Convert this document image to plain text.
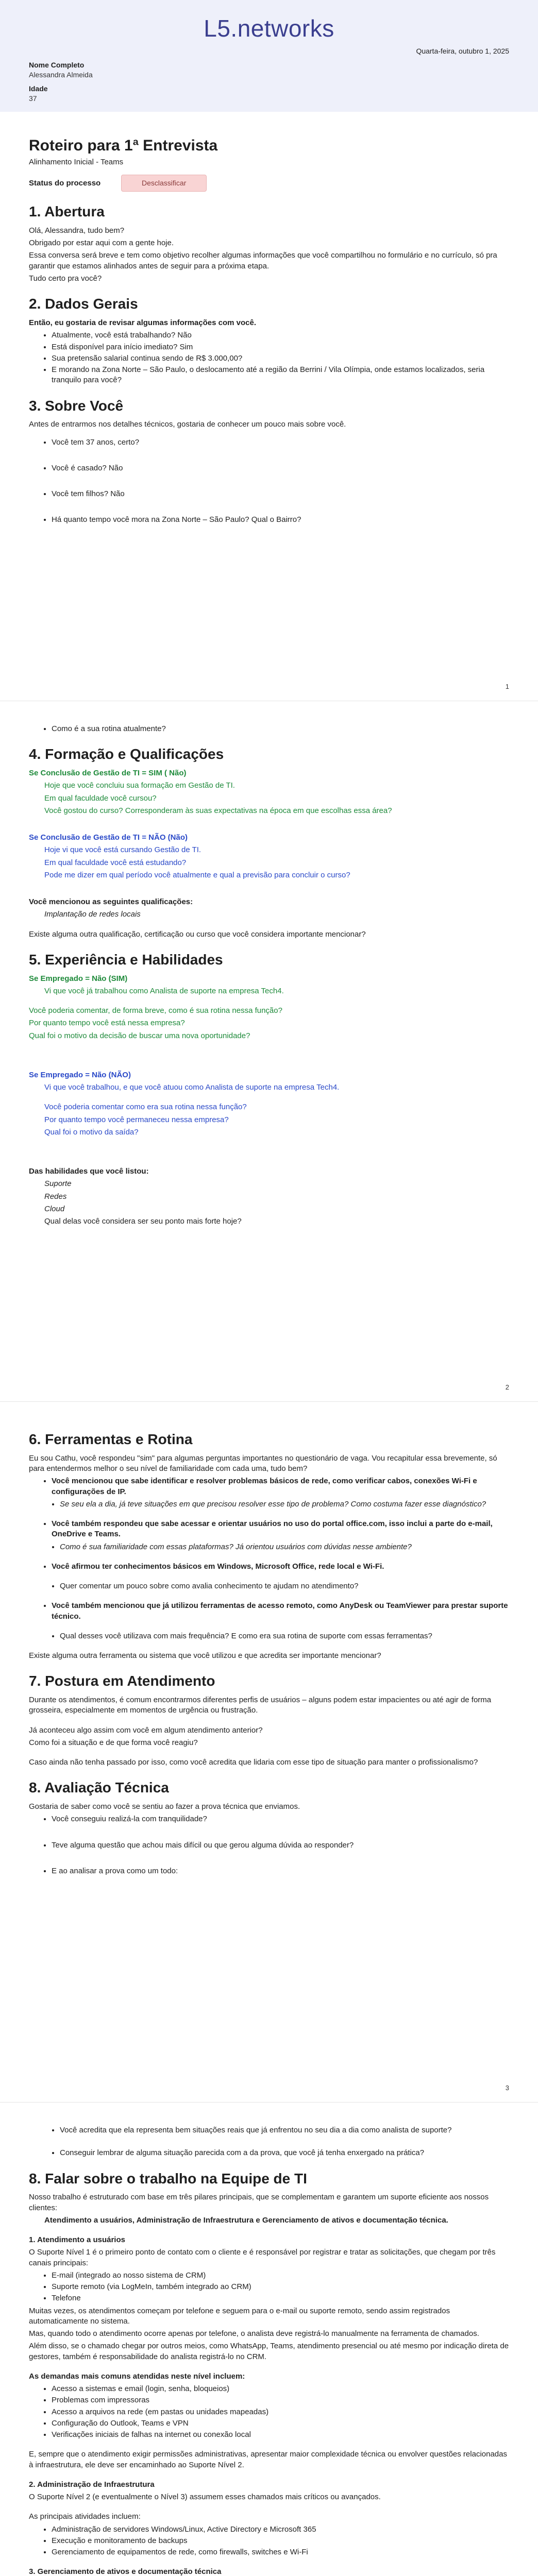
L5.networks
Quarta-feira, outubro 1, 2025
Nome Completo
Alessandra Almeida
Idade
37
Roteiro para 1ª Entrevista
Alinhamento Inicial - Teams
Status do processo	Desclassificar
1. Abertura

Olá, Alessandra, tudo bem?

Obrigado por estar aqui com a gente hoje.

Essa conversa será breve e tem como objetivo recolher algumas informações que você compartilhou no formulário e no currículo, só pra garantir que estamos alinhados antes de seguir para a próxima etapa.

Tudo certo pra você?

2. Dados Gerais

Então, eu gostaria de revisar algumas informações com você.

• Atualmente, você está trabalhando? Não
• Está disponível para início imediato? Sim
• Sua pretensão salarial continua sendo de R$ 3.000,00?
• E morando na Zona Norte – São Paulo, o deslocamento até a região da Berrini / Vila Olímpia, onde estamos localizados, seria tranquilo para você?
3. Sobre Você

Antes de entrarmos nos detalhes técnicos, gostaria de conhecer um pouco mais sobre você.

• Você tem 37 anos, certo?
• Você é casado? Não
• Você tem filhos? Não
• Há quanto tempo você mora na Zona Norte – São Paulo? Qual o Bairro?
1
• Como é a sua rotina atualmente?
4. Formação e Qualificações

Se Conclusão de Gestão de TI = SIM ( Não)

Hoje que você concluiu sua formação em Gestão de TI.

Em qual faculdade você cursou?

Você gostou do curso? Corresponderam às suas expectativas na época em que escolhas essa área?

Se Conclusão de Gestão de TI = NÃO (Não)

Hoje vi que você está cursando Gestão de TI.

Em qual faculdade você está estudando?

Pode me dizer em qual período você atualmente e qual a previsão para concluir o curso?

Você mencionou as seguintes qualificações:

Implantação de redes locais

Existe alguma outra qualificação, certificação ou curso que você considera importante mencionar?

5. Experiência e Habilidades

Se Empregado = Não (SIM)

Vi que você já trabalhou como Analista de suporte na empresa Tech4.

Você poderia comentar, de forma breve, como é sua rotina nessa função?

Por quanto tempo você está nessa empresa?

Qual foi o motivo da decisão de buscar uma nova oportunidade?

Se Empregado = Não (NÃO)

Vi que você trabalhou, e que você atuou como Analista de suporte na empresa Tech4.

Você poderia comentar como era sua rotina nessa função?

Por quanto tempo você permaneceu nessa empresa?

Qual foi o motivo da saída?

Das habilidades que você listou:

Suporte

Redes

Cloud

Qual delas você considera ser seu ponto mais forte hoje?

2
6. Ferramentas e Rotina

Eu sou Cathu, você respondeu "sim" para algumas perguntas importantes no questionário de vaga. Vou recapitular essa brevemente, só para entendermos melhor o seu nível de familiaridade com cada uma, tudo bem?

• Você mencionou que sabe identificar e resolver problemas básicos de rede, como verificar cabos, conexões Wi-Fi e configurações de IP.
• Se seu ela a dia, já teve situações em que precisou resolver esse tipo de problema? Como costuma fazer esse diagnóstico?
• Você também respondeu que sabe acessar e orientar usuários no uso do portal office.com, isso inclui a parte do e-mail, OneDrive e Teams.
• Como é sua familiaridade com essas plataformas? Já orientou usuários com dúvidas nesse ambiente?
• Você afirmou ter conhecimentos básicos em Windows, Microsoft Office, rede local e Wi-Fi.
• Quer comentar um pouco sobre como avalia conhecimento te ajudam no atendimento?
• Você também mencionou que já utilizou ferramentas de acesso remoto, como AnyDesk ou TeamViewer para prestar suporte técnico.
• Qual desses você utilizava com mais frequência? E como era sua rotina de suporte com essas ferramentas?

Existe alguma outra ferramenta ou sistema que você utilizou e que acredita ser importante mencionar?

7. Postura em Atendimento

Durante os atendimentos, é comum encontrarmos diferentes perfis de usuários – alguns podem estar impacientes ou até agir de forma grosseira, especialmente em momentos de urgência ou frustração.

Já aconteceu algo assim com você em algum atendimento anterior?

Como foi a situação e de que forma você reagiu?

Caso ainda não tenha passado por isso, como você acredita que lidaria com esse tipo de situação para manter o profissionalismo?

8. Avaliação Técnica

Gostaria de saber como você se sentiu ao fazer a prova técnica que enviamos.

• Você conseguiu realizá-la com tranquilidade?
• Teve alguma questão que achou mais difícil ou que gerou alguma dúvida ao responder?
• E ao analisar a prova como um todo:
3
• Você acredita que ela representa bem situações reais que já enfrentou no seu dia a dia como analista de suporte?
• Conseguir lembrar de alguma situação parecida com a da prova, que você já tenha enxergado na prática?
8. Falar sobre o trabalho na Equipe de TI

Nosso trabalho é estruturado com base em três pilares principais, que se complementam e garantem um suporte eficiente aos nossos clientes:

Atendimento a usuários, Administração de Infraestrutura e Gerenciamento de ativos e documentação técnica.

1. Atendimento a usuários

O Suporte Nível 1 é o primeiro ponto de contato com o cliente e é responsável por registrar e tratar as solicitações, que chegam por três canais principais:

• E-mail (integrado ao nosso sistema de CRM)
• Suporte remoto (via LogMeIn, também integrado ao CRM)
• Telefone

Muitas vezes, os atendimentos começam por telefone e seguem para o e-mail ou suporte remoto, sendo assim registrados automaticamente no sistema.

Mas, quando todo o atendimento ocorre apenas por telefone, o analista deve registrá-lo manualmente na ferramenta de chamados.

Além disso, se o chamado chegar por outros meios, como WhatsApp, Teams, atendimento presencial ou até mesmo por indicação direta de gestores, também é responsabilidade do analista registrá-lo no CRM.

As demandas mais comuns atendidas neste nível incluem:

• Acesso a sistemas e email (login, senha, bloqueios)
• Problemas com impressoras
• Acesso a arquivos na rede (em pastas ou unidades mapeadas)
• Configuração do Outlook, Teams e VPN
• Verificações iniciais de falhas na internet ou conexão local

E, sempre que o atendimento exigir permissões administrativas, apresentar maior complexidade técnica ou envolver questões relacionadas à infraestrutura, ele deve ser encaminhado ao Suporte Nível 2.

2. Administração de Infraestrutura

O Suporte Nível 2 (e eventualmente o Nível 3) assumem esses chamados mais críticos ou avançados.

As principais atividades incluem:

• Administração de servidores Windows/Linux, Active Directory e Microsoft 365
• Execução e monitoramento de backups
• Gerenciamento de equipamentos de rede, como firewalls, switches e Wi-Fi

3. Gerenciamento de ativos e documentação técnica
